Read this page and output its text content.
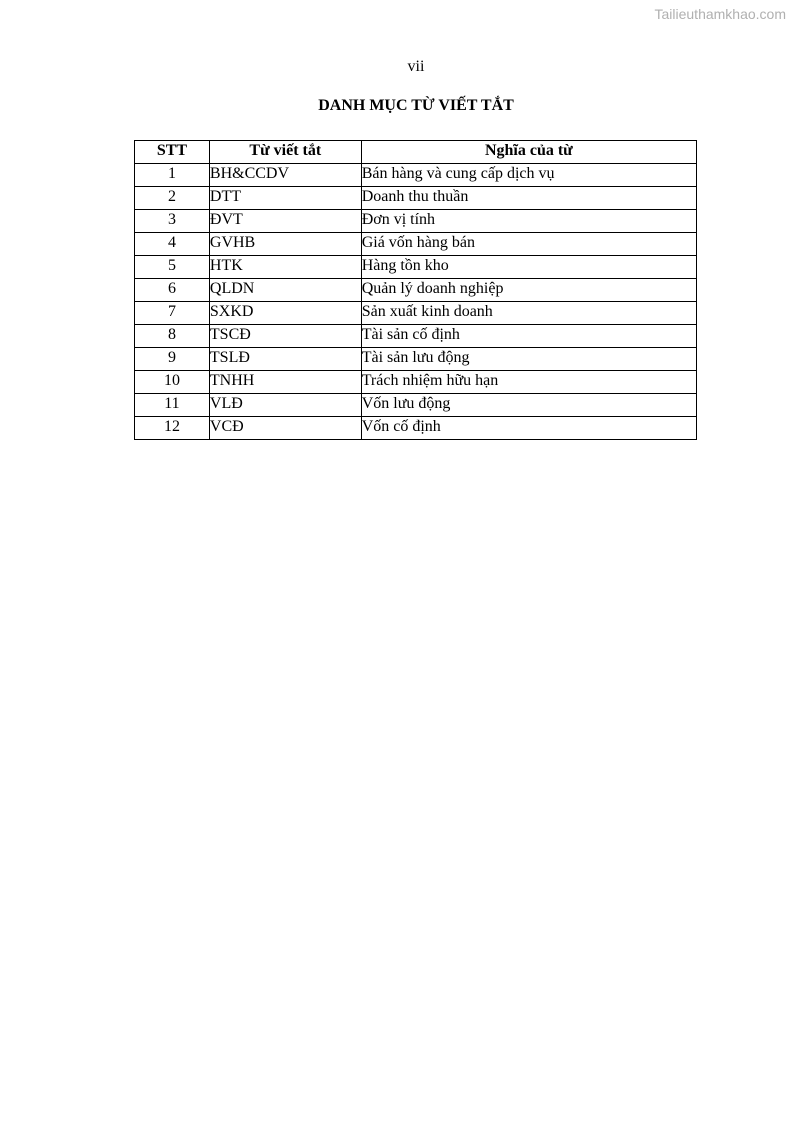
Tailieuthamkhao.com
vii
DANH MỤC TỪ VIẾT TẮT
STT	Từ viết tắt	Nghĩa của từ
1	BH&CCDV	Bán hàng và cung cấp dịch vụ
2	DTT	Doanh thu thuần
3	ĐVT	Đơn vị tính
4	GVHB	Giá vốn hàng bán
5	HTK	Hàng tồn kho
6	QLDN	Quản lý doanh nghiệp
7	SXKD	Sản xuất kinh doanh
8	TSCĐ	Tài sản cố định
9	TSLĐ	Tài sản lưu động
10	TNHH	Trách nhiệm hữu hạn
11	VLĐ	Vốn lưu động
12	VCĐ	Vốn cố định
